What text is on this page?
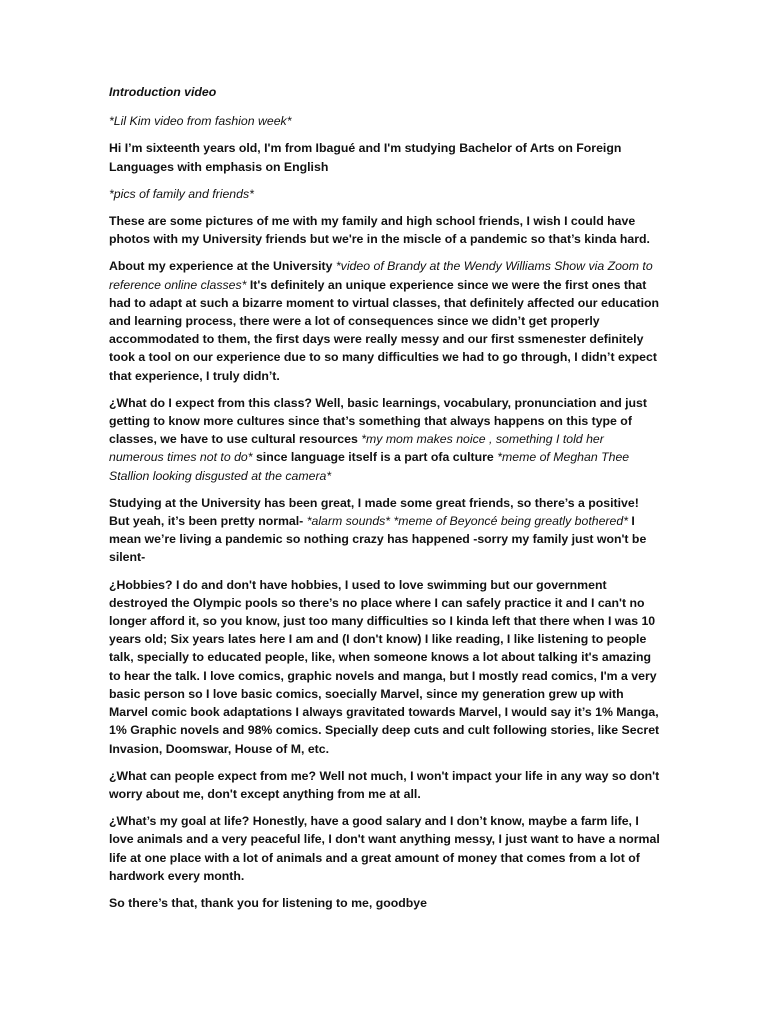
Introduction video

*Lil Kim video from fashion week*

Hi I’m sixteenth years old, I'm from Ibagué and I'm studying Bachelor of Arts on Foreign Languages with emphasis on English

*pics of family and friends*

These are some pictures of me with my family and high school friends, I wish I could have photos with my University friends but we're in the miscle of a pandemic so that’s kinda hard.

About my experience at the University *video of Brandy at the Wendy Williams Show via Zoom to reference online classes* It's definitely an unique experience since we were the first ones that had to adapt at such a bizarre moment to virtual classes, that definitely affected our education and learning process, there were a lot of consequences since we didn’t get properly accommodated to them, the first days were really messy and our first ssmenester definitely took a tool on our experience due to so many difficulties we had to go through, I didn’t expect that experience, I truly didn’t.

¿What do I expect from this class? Well, basic learnings, vocabulary, pronunciation and just getting to know more cultures since that’s something that always happens on this type of classes, we have to use cultural resources *my mom makes noice , something I told her numerous times not to do* since language itself is a part ofa culture *meme of Meghan Thee Stallion looking disgusted at the camera*

Studying at the University has been great, I made some great friends, so there’s a positive! But yeah, it’s been pretty normal- *alarm sounds* *meme of Beyoncé being greatly bothered* I mean we’re living a pandemic so nothing crazy has happened -sorry my family just won't be silent-

¿Hobbies? I do and don't have hobbies, I used to love swimming but our government destroyed the Olympic pools so there’s no place where I can safely practice it and I can't no longer afford it, so you know, just too many difficulties so I kinda left that there when I was 10 years old; Six years lates here I am and (I don't know) I like reading, I like listening to people talk, specially to educated people, like, when someone knows a lot about talking it's amazing to hear the talk. I love comics, graphic novels and manga, but I mostly read comics, I'm a very basic person so I love basic comics, soecially Marvel, since my generation grew up with Marvel comic book adaptations I always gravitated towards Marvel, I would say it’s 1% Manga, 1% Graphic novels and 98% comics. Specially deep cuts and cult following stories, like Secret Invasion, Doomswar, House of M, etc.

¿What can people expect from me? Well not much, I won't impact your life in any way so don't worry about me, don't except anything from me at all.

¿What’s my goal at life? Honestly, have a good salary and I don’t know, maybe a farm life, I love animals and a very peaceful life, I don't want anything messy, I just want to have a normal life at one place with a lot of animals and a great amount of money that comes from a lot of hardwork every month.

So there’s that, thank you for listening to me, goodbye
